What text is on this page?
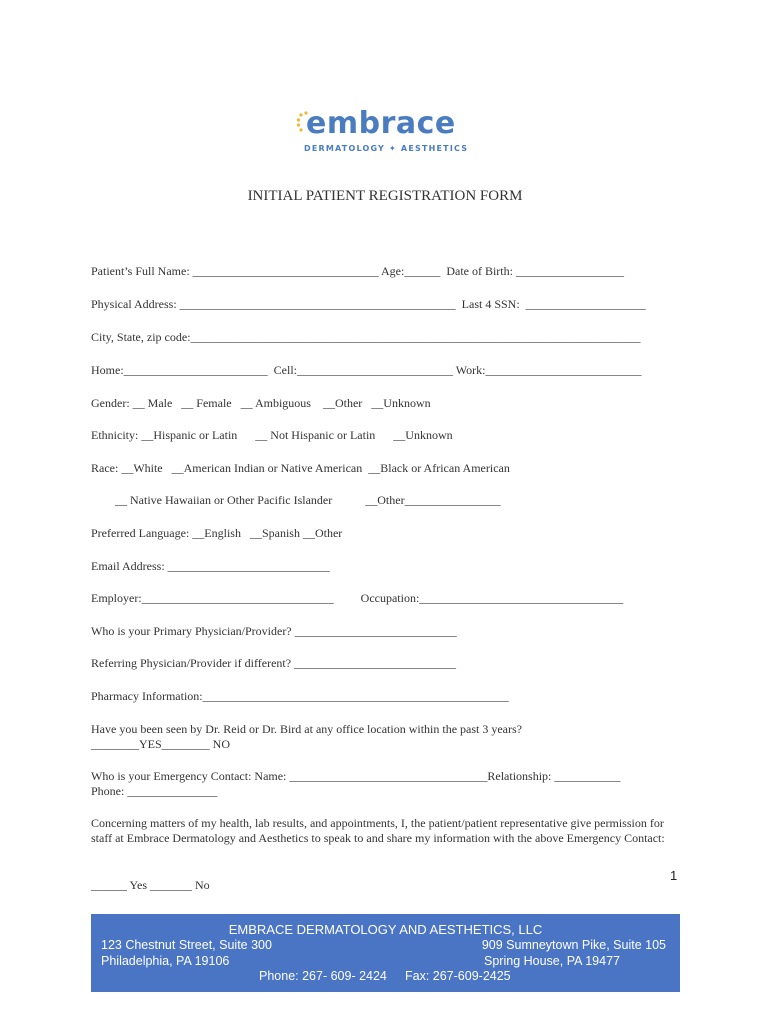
embrace
DERMATOLOGY ✦ AESTHETICS
INITIAL PATIENT REGISTRATION FORM
Patient’s Full Name: _______________________________ Age:______  Date of Birth: __________________
Physical Address: ______________________________________________  Last 4 SSN:  ____________________
City, State, zip code:___________________________________________________________________________
Home:________________________  Cell:__________________________ Work:__________________________
Gender: __ Male   __ Female   __ Ambiguous    __Other   __Unknown
Ethnicity: __Hispanic or Latin      __ Not Hispanic or Latin      __Unknown
Race: __White   __American Indian or Native American  __Black or African American
__ Native Hawaiian or Other Pacific Islander           __Other________________
Preferred Language: __English   __Spanish __Other
Email Address: ___________________________
Employer:________________________________         Occupation:__________________________________
Who is your Primary Physician/Provider? ___________________________
Referring Physician/Provider if different? ___________________________
Pharmacy Information:___________________________________________________
Have you been seen by Dr. Reid or Dr. Bird at any office location within the past 3 years?
________YES________ NO
Who is your Emergency Contact: Name: _________________________________Relationship: ___________
Phone: _______________
Concerning matters of my health, lab results, and appointments, I, the patient/patient representative give permission for staff at Embrace Dermatology and Aesthetics to speak to and share my information with the above Emergency Contact:
______ Yes _______ No
1
EMBRACE DERMATOLOGY AND AESTHETICS, LLC
123 Chestnut Street, Suite 300
Philadelphia, PA 19106
909 Sumneytown Pike, Suite 105
Spring House, PA 19477
Phone: 267- 609- 2424 Fax: 267-609-2425
